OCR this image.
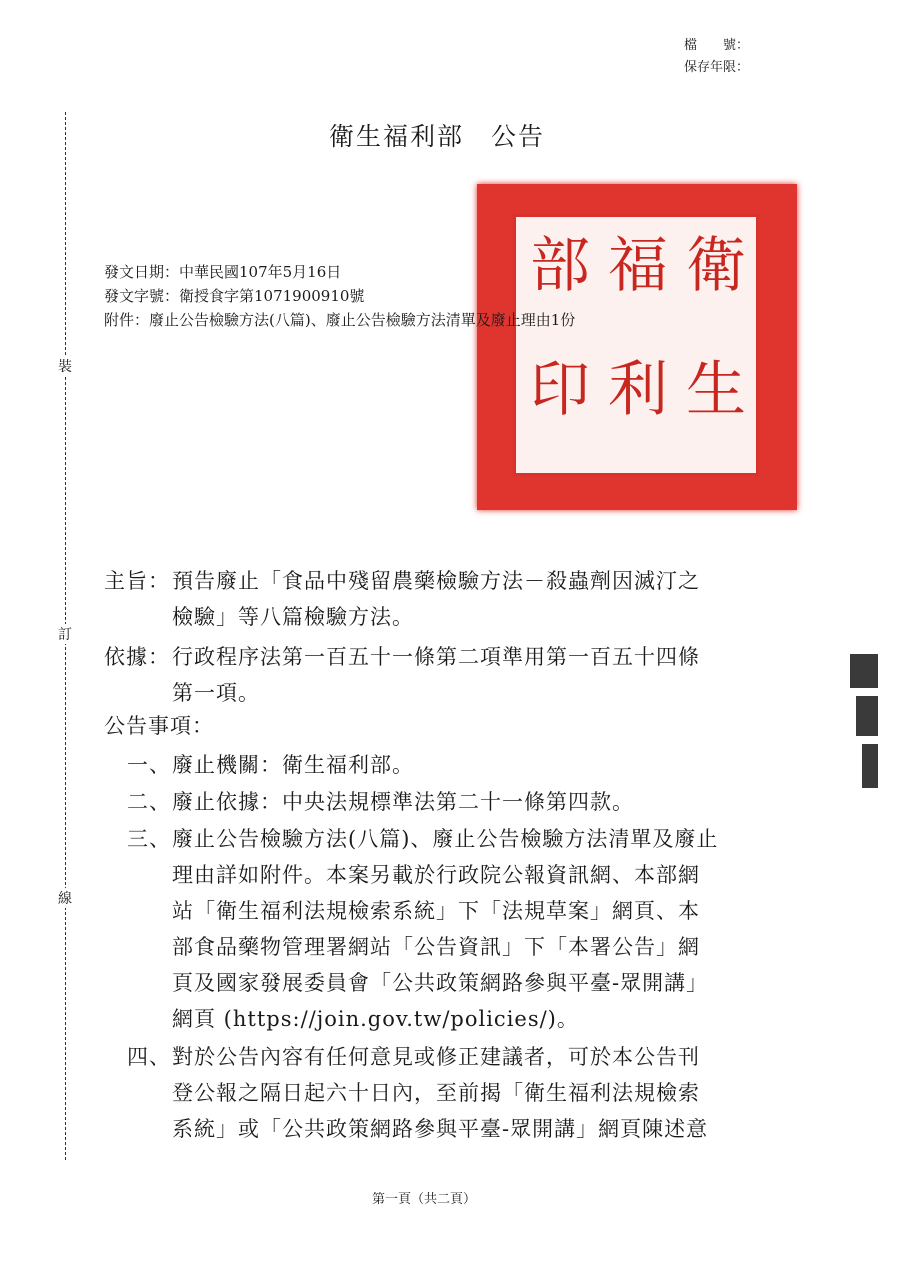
檔　　號：
保存年限：
裝
訂
線
衛生福利部　公告
衛
生
福
利
部
印
發文日期：中華民國107年5月16日
發文字號：衛授食字第1071900910號
附件：廢止公告檢驗方法(八篇)、廢止公告檢驗方法清單及廢止理由1份
主旨： 預告廢止「食品中殘留農藥檢驗方法－殺蟲劑因滅汀之
檢驗」等八篇檢驗方法。
依據： 行政程序法第一百五十一條第二項準用第一百五十四條
第一項。
公告事項：
一、 廢止機關：衛生福利部。
二、 廢止依據：中央法規標準法第二十一條第四款。
三、 廢止公告檢驗方法(八篇)、廢止公告檢驗方法清單及廢止
理由詳如附件。本案另載於行政院公報資訊網、本部網
站「衛生福利法規檢索系統」下「法規草案」網頁、本
部食品藥物管理署網站「公告資訊」下「本署公告」網
頁及國家發展委員會「公共政策網路參與平臺-眾開講」
網頁 (https://join.gov.tw/policies/)。
四、 對於公告內容有任何意見或修正建議者，可於本公告刊
登公報之隔日起六十日內，至前揭「衛生福利法規檢索
系統」或「公共政策網路參與平臺-眾開講」網頁陳述意
第一頁（共二頁）
